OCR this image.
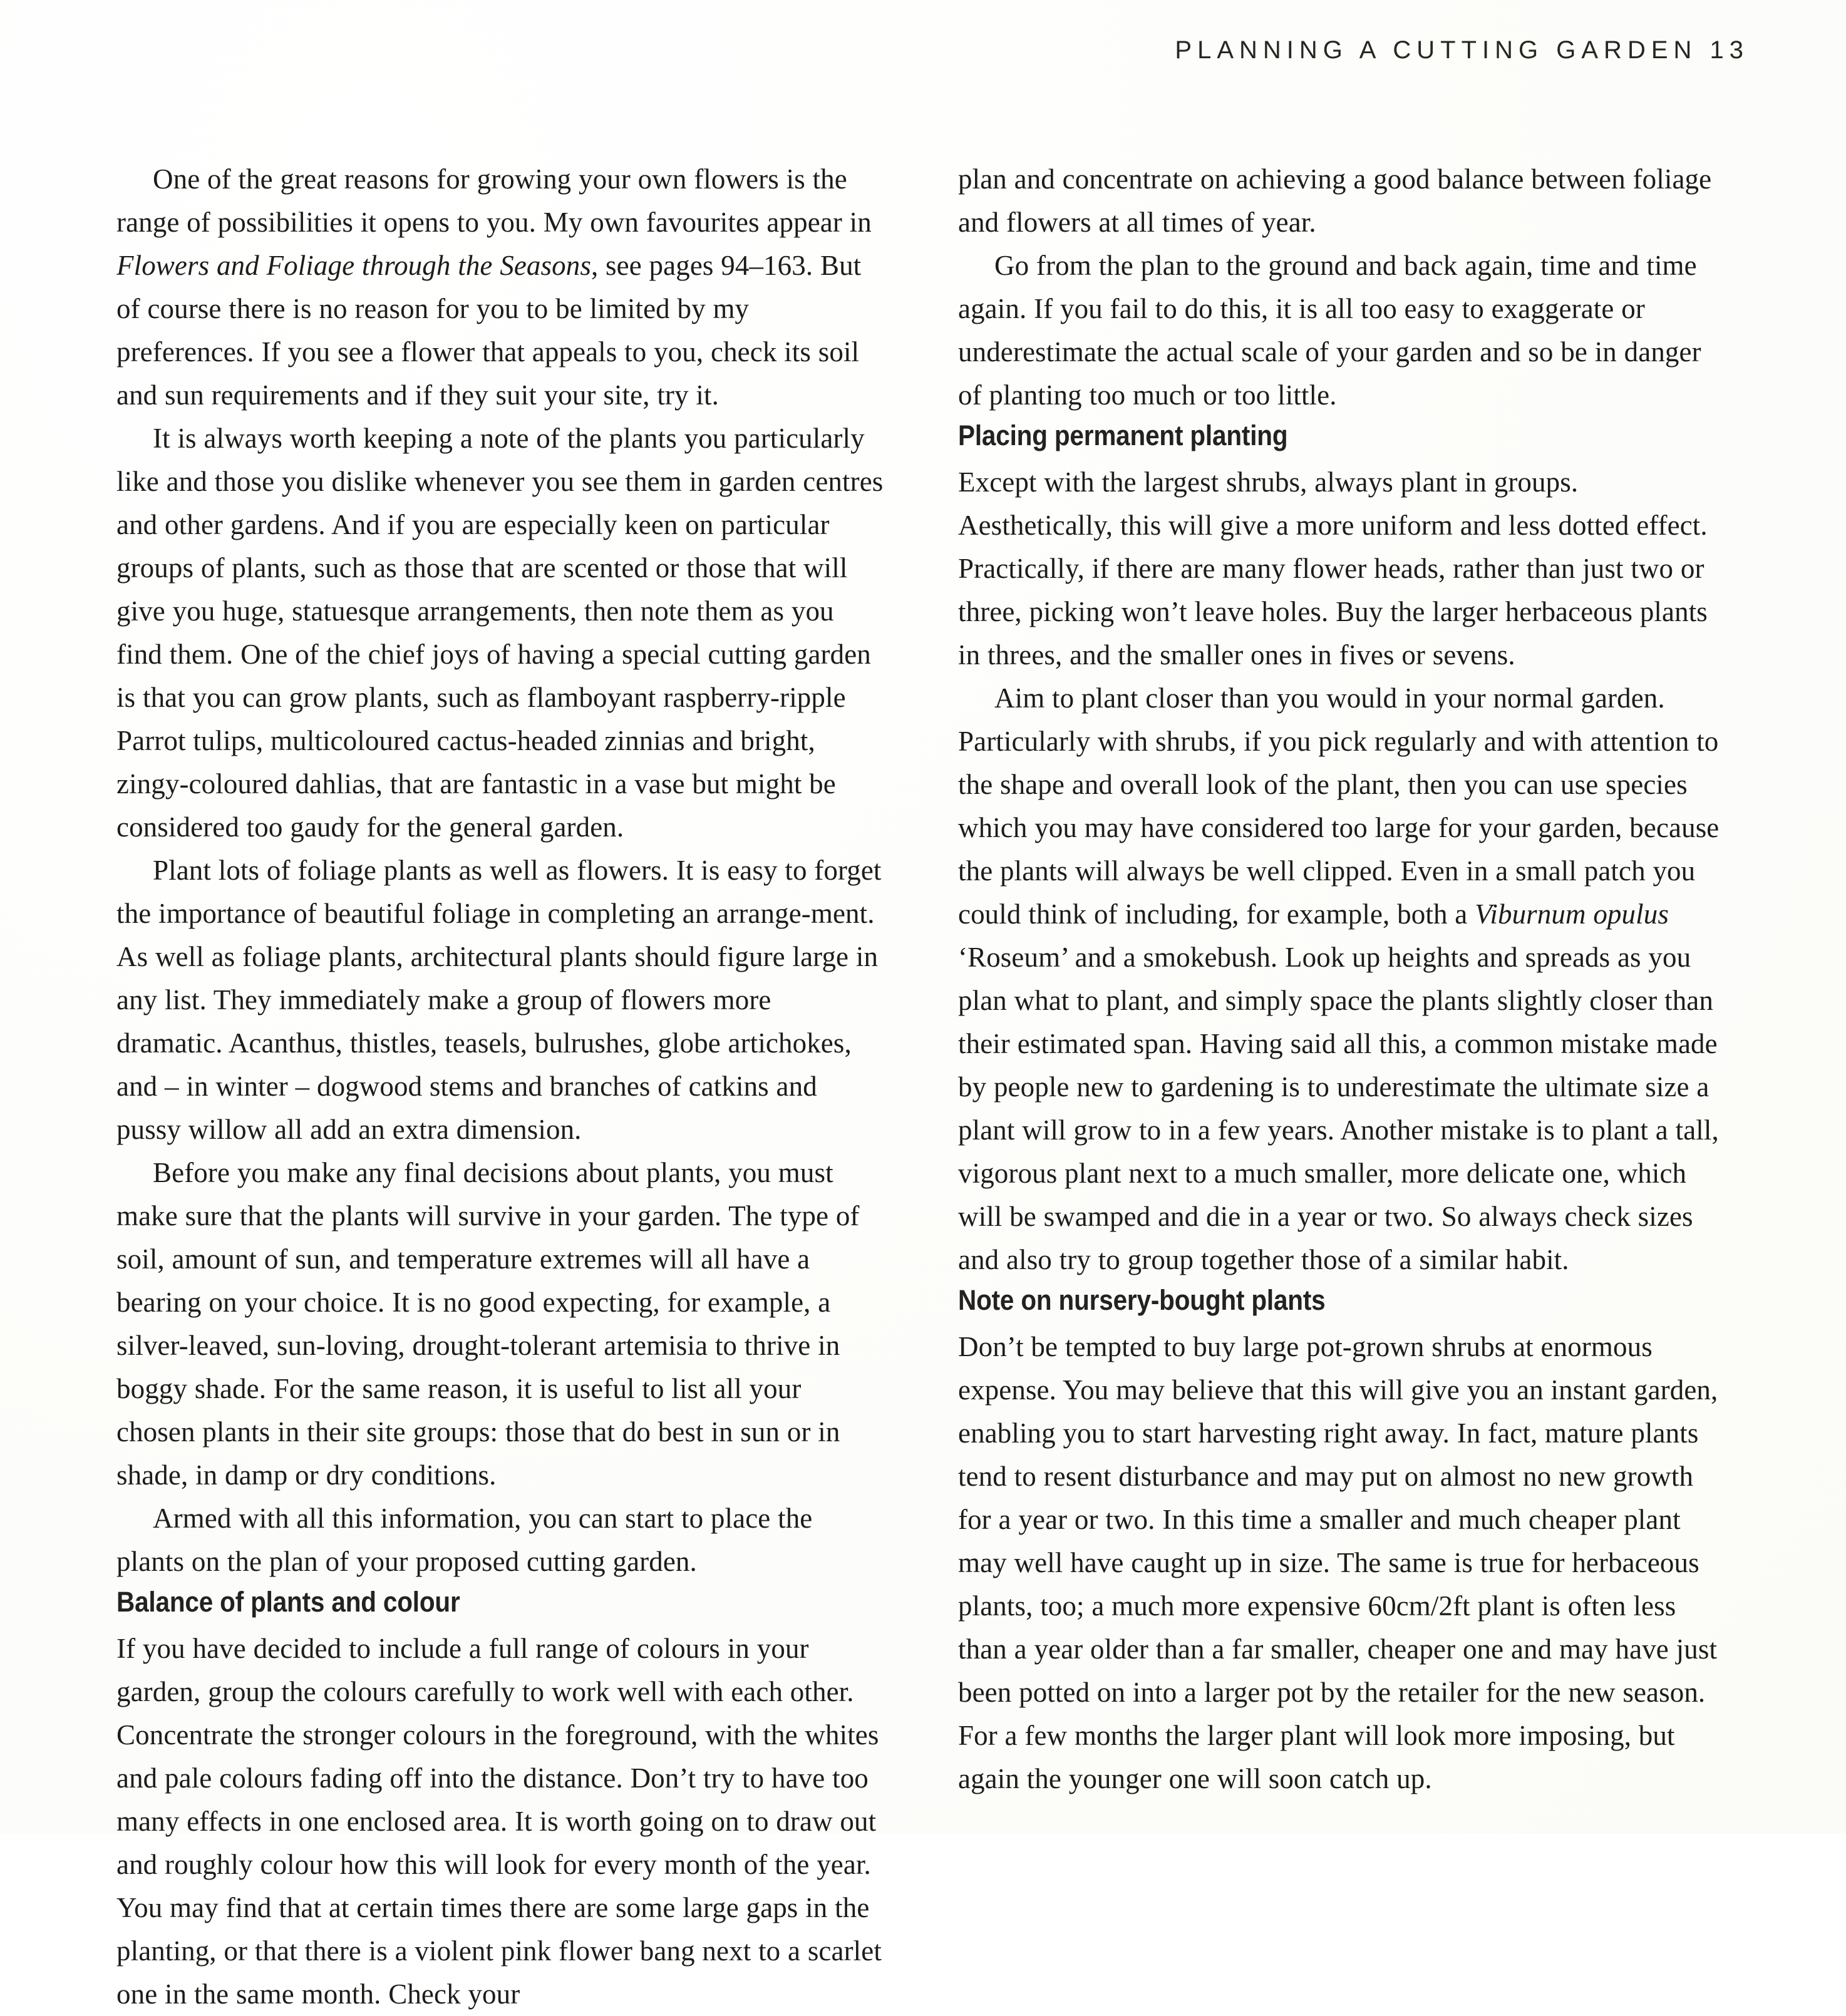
PLANNING A CUTTING GARDEN 13

One of the great reasons for growing your own flowers is the range of possibilities it opens to you. My own favourites appear in Flowers and Foliage through the Seasons, see pages 94–163. But of course there is no reason for you to be limited by my preferences. If you see a flower that appeals to you, check its soil and sun requirements and if they suit your site, try it.

It is always worth keeping a note of the plants you particularly like and those you dislike whenever you see them in garden centres and other gardens. And if you are especially keen on particular groups of plants, such as those that are scented or those that will give you huge, statuesque arrangements, then note them as you find them. One of the chief joys of having a special cutting garden is that you can grow plants, such as flamboyant raspberry-ripple Parrot tulips, multicoloured cactus-headed zinnias and bright, zingy-coloured dahlias, that are fantastic in a vase but might be considered too gaudy for the general garden.

Plant lots of foliage plants as well as flowers. It is easy to forget the importance of beautiful foliage in completing an arrange-ment. As well as foliage plants, architectural plants should figure large in any list. They immediately make a group of flowers more dramatic. Acanthus, thistles, teasels, bulrushes, globe artichokes, and – in winter – dogwood stems and branches of catkins and pussy willow all add an extra dimension.

Before you make any final decisions about plants, you must make sure that the plants will survive in your garden. The type of soil, amount of sun, and temperature extremes will all have a bearing on your choice. It is no good expecting, for example, a silver-leaved, sun-loving, drought-tolerant artemisia to thrive in boggy shade. For the same reason, it is useful to list all your chosen plants in their site groups: those that do best in sun or in shade, in damp or dry conditions.

Armed with all this information, you can start to place the plants on the plan of your proposed cutting garden.

Balance of plants and colour

If you have decided to include a full range of colours in your garden, group the colours carefully to work well with each other. Concentrate the stronger colours in the foreground, with the whites and pale colours fading off into the distance. Don’t try to have too many effects in one enclosed area. It is worth going on to draw out and roughly colour how this will look for every month of the year. You may find that at certain times there are some large gaps in the planting, or that there is a violent pink flower bang next to a scarlet one in the same month. Check your

plan and concentrate on achieving a good balance between foliage and flowers at all times of year.

Go from the plan to the ground and back again, time and time again. If you fail to do this, it is all too easy to exaggerate or underestimate the actual scale of your garden and so be in danger of planting too much or too little.

Placing permanent planting

Except with the largest shrubs, always plant in groups. Aesthetically, this will give a more uniform and less dotted effect. Practically, if there are many flower heads, rather than just two or three, picking won’t leave holes. Buy the larger herbaceous plants in threes, and the smaller ones in fives or sevens.

Aim to plant closer than you would in your normal garden. Particularly with shrubs, if you pick regularly and with attention to the shape and overall look of the plant, then you can use species which you may have considered too large for your garden, because the plants will always be well clipped. Even in a small patch you could think of including, for example, both a Viburnum opulus ‘Roseum’ and a smokebush. Look up heights and spreads as you plan what to plant, and simply space the plants slightly closer than their estimated span. Having said all this, a common mistake made by people new to gardening is to underestimate the ultimate size a plant will grow to in a few years. Another mistake is to plant a tall, vigorous plant next to a much smaller, more delicate one, which will be swamped and die in a year or two. So always check sizes and also try to group together those of a similar habit.

Note on nursery-bought plants

Don’t be tempted to buy large pot-grown shrubs at enormous expense. You may believe that this will give you an instant garden, enabling you to start harvesting right away. In fact, mature plants tend to resent disturbance and may put on almost no new growth for a year or two. In this time a smaller and much cheaper plant may well have caught up in size. The same is true for herbaceous plants, too; a much more expensive 60cm/2ft plant is often less than a year older than a far smaller, cheaper one and may have just been potted on into a larger pot by the retailer for the new season. For a few months the larger plant will look more imposing, but again the younger one will soon catch up.
